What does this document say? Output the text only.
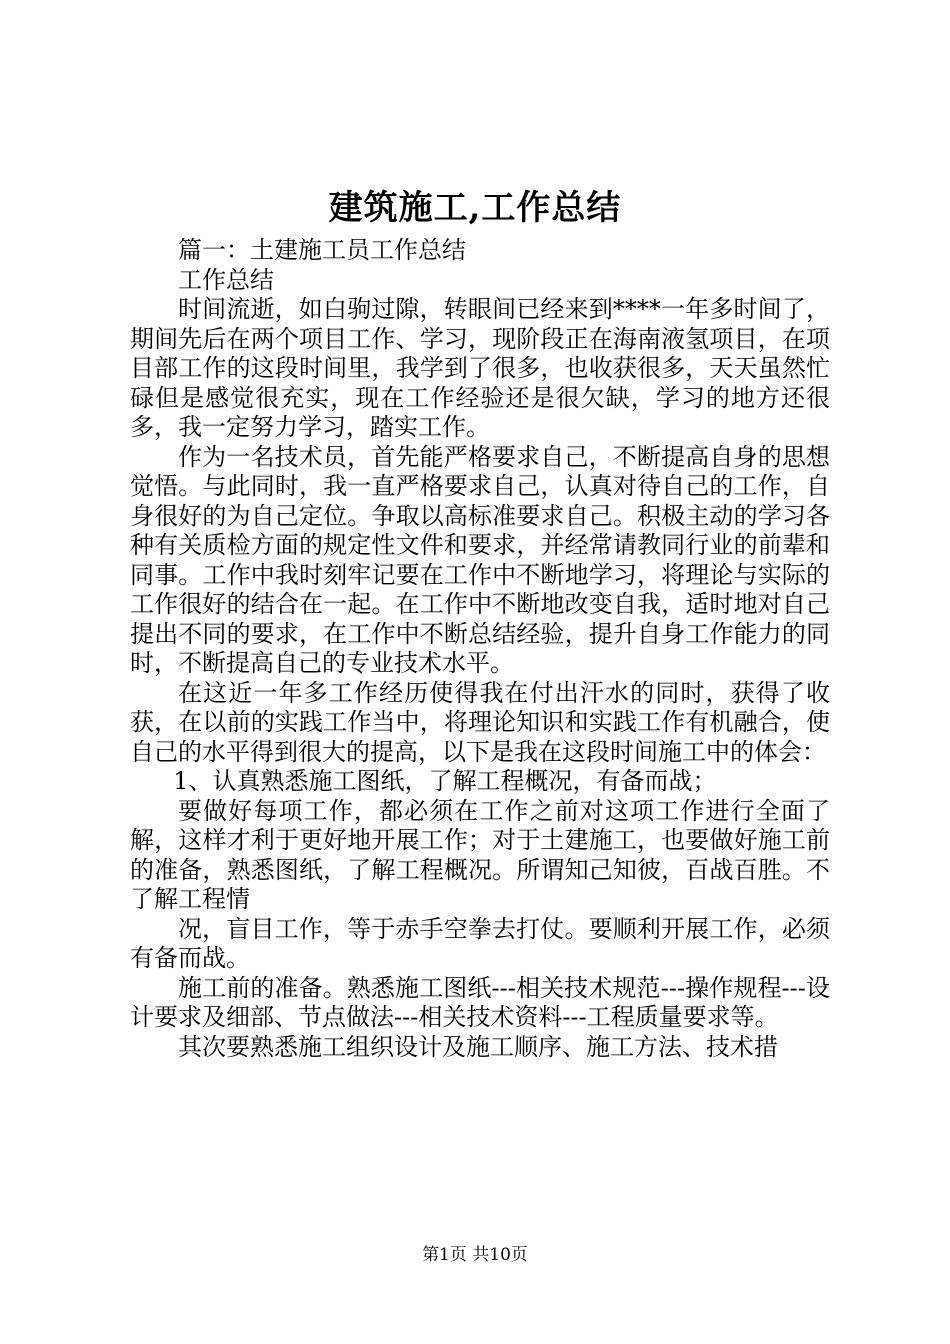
建筑施工,工作总结

篇一：土建施工员工作总结

工作总结

时间流逝，如白驹过隙，转眼间已经来到****一年多时间了，期间先后在两个项目工作、学习，现阶段正在海南液氢项目，在项目部工作的这段时间里，我学到了很多，也收获很多，天天虽然忙碌但是感觉很充实，现在工作经验还是很欠缺，学习的地方还很多，我一定努力学习，踏实工作。

作为一名技术员，首先能严格要求自己，不断提高自身的思想觉悟。与此同时，我一直严格要求自己，认真对待自己的工作，自身很好的为自己定位。争取以高标准要求自己。积极主动的学习各种有关质检方面的规定性文件和要求，并经常请教同行业的前辈和同事。工作中我时刻牢记要在工作中不断地学习，将理论与实际的工作很好的结合在一起。在工作中不断地改变自我，适时地对自己提出不同的要求，在工作中不断总结经验，提升自身工作能力的同时，不断提高自己的专业技术水平。

在这近一年多工作经历使得我在付出汗水的同时，获得了收获，在以前的实践工作当中，将理论知识和实践工作有机融合，使自己的水平得到很大的提高，以下是我在这段时间施工中的体会：

1、认真熟悉施工图纸，了解工程概况，有备而战；

要做好每项工作，都必须在工作之前对这项工作进行全面了解，这样才利于更好地开展工作；对于土建施工，也要做好施工前的准备，熟悉图纸，了解工程概况。所谓知己知彼，百战百胜。不了解工程情

况，盲目工作，等于赤手空拳去打仗。要顺利开展工作，必须有备而战。

施工前的准备。熟悉施工图纸---相关技术规范---操作规程---设计要求及细部、节点做法---相关技术资料---工程质量要求等。

其次要熟悉施工组织设计及施工顺序、施工方法、技术措

第1页 共10页
